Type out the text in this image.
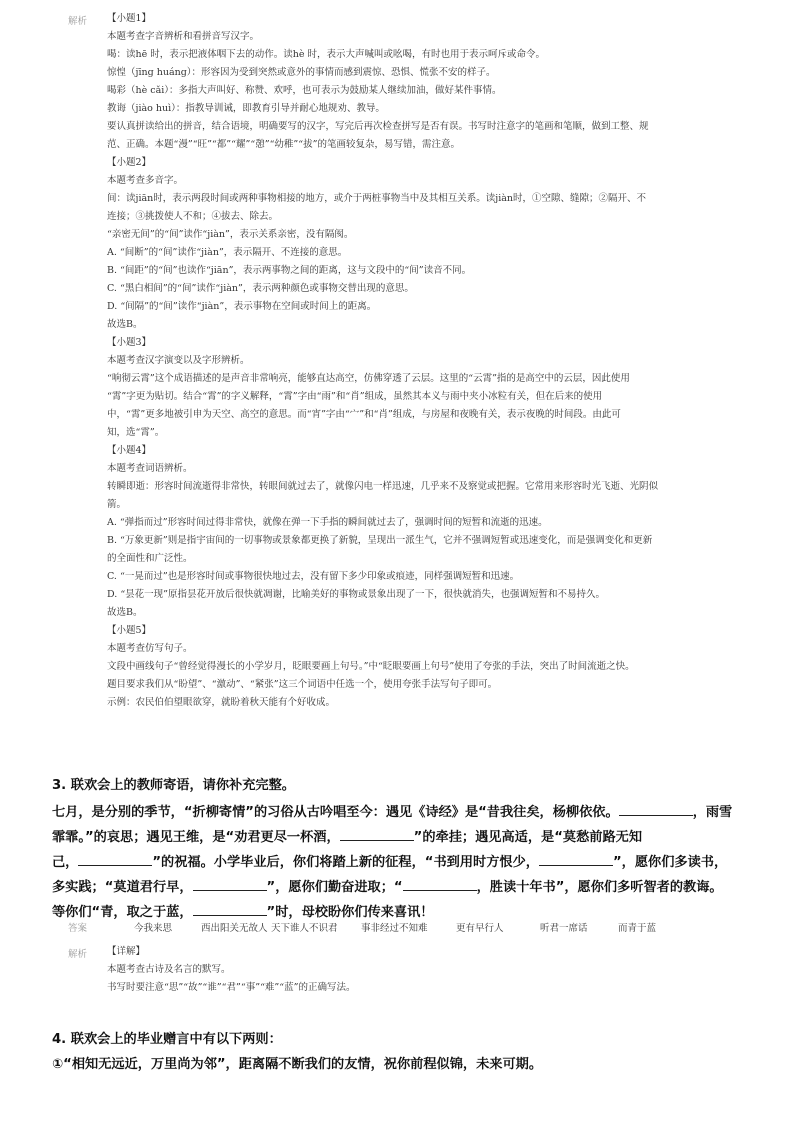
解析 【小题1】
本题考查字音辨析和看拼音写汉字。
喝：读hē 时，表示把液体咽下去的动作。读hè 时，表示大声喊叫或吆喝，有时也用于表示呵斥或命令。
惊惶（jīng huáng）：形容因为受到突然或意外的事情而感到震惊、恐惧、慌张不安的样子。
喝彩（hè cǎi）：多指大声叫好、称赞、欢呼，也可表示为鼓励某人继续加油，做好某件事情。
教诲（jiào huì）：指教导训诫，即教育引导并耐心地规劝、教导。
要认真拼读给出的拼音，结合语境，明确要写的汉字，写完后再次检查拼写是否有误。书写时注意字的笔画和笔顺，做到工整、规
范、正确。本题“漫”“旺”“都”“耀”“憩”“幼稚”“拔”的笔画较复杂，易写错，需注意。
【小题2】
本题考查多音字。
间：读jiān时，表示两段时间或两种事物相接的地方，或介于两桩事物当中及其相互关系。读jiàn时，①空隙、缝隙；②隔开、不
连接；③挑拨使人不和；④拔去、除去。
“亲密无间”的“间”读作“jiàn”，表示关系亲密，没有隔阂。
A. “间断”的“间”读作“jiàn”，表示隔开、不连接的意思。
B. “间距”的“间”也读作“jiān”，表示两事物之间的距离，这与文段中的“间”读音不同。
C. “黑白相间”的“间”读作“jiàn”，表示两种颜色或事物交替出现的意思。
D. “间隔”的“间”读作“jiàn”，表示事物在空间或时间上的距离。
故选B。
【小题3】
本题考查汉字演变以及字形辨析。
“响彻云霄”这个成语描述的是声音非常响亮，能够直达高空，仿佛穿透了云层。这里的“云霄”指的是高空中的云层，因此使用
“霄”字更为贴切。结合“霄”的字义解释，“霄”字由“雨”和“肖”组成，虽然其本义与雨中夹小冰粒有关，但在后来的使用
中，“霄”更多地被引申为天空、高空的意思。而“宵”字由“宀”和“肖”组成，与房屋和夜晚有关，表示夜晚的时间段。由此可
知，选“霄”。
【小题4】
本题考查词语辨析。
转瞬即逝：形容时间流逝得非常快，转眼间就过去了，就像闪电一样迅速，几乎来不及察觉或把握。它常用来形容时光飞逝、光阴似
箭。
A. “弹指而过”形容时间过得非常快，就像在弹一下手指的瞬间就过去了，强调时间的短暂和流逝的迅速。
B. “万象更新”则是指宇宙间的一切事物或景象都更换了新貌，呈现出一派生气，它并不强调短暂或迅速变化，而是强调变化和更新
的全面性和广泛性。
C. “一晃而过”也是形容时间或事物很快地过去，没有留下多少印象或痕迹，同样强调短暂和迅速。
D. “昙花一现”原指昙花开放后很快就凋谢，比喻美好的事物或景象出现了一下，很快就消失，也强调短暂和不易持久。
故选B。
【小题5】
本题考查仿写句子。
文段中画线句子“曾经觉得漫长的小学岁月，眨眼要画上句号。”中“眨眼要画上句号”使用了夸张的手法，突出了时间流逝之快。
题目要求我们从“盼望”、“激动”、“紧张”这三个词语中任选一个，使用夸张手法写句子即可。
示例：农民伯伯望眼欲穿，就盼着秋天能有个好收成。
3. 联欢会上的教师寄语，请你补充完整。
七月，是分别的季节，“折柳寄情”的习俗从古吟唱至今：遇见《诗经》是“昔我往矣，杨柳依依。	，雨雪
霏霏。”的哀思；遇见王维，是“劝君更尽一杯酒，	”的牵挂；遇见高适，是“莫愁前路无知
己，	”的祝福。小学毕业后，你们将踏上新的征程，“书到用时方恨少，	”，愿你们多读书，
多实践；“莫道君行早，	”，愿你们勤奋进取；“	，胜读十年书”，愿你们多听智者的教诲。
等你们“青，取之于蓝，	”时，母校盼你们传来喜讯！
答案	今我来思	西出阳关无故人 天下谁人不识君 事非经过不知难	更有早行人	听君一席话	而青于蓝
解析 【详解】
本题考查古诗及名言的默写。
书写时要注意“思”“故”“谁”“君”“事”“难”“蓝”的正确写法。
4. 联欢会上的毕业赠言中有以下两则：
①“相知无远近，万里尚为邻”，距离隔不断我们的友情，祝你前程似锦，未来可期。
